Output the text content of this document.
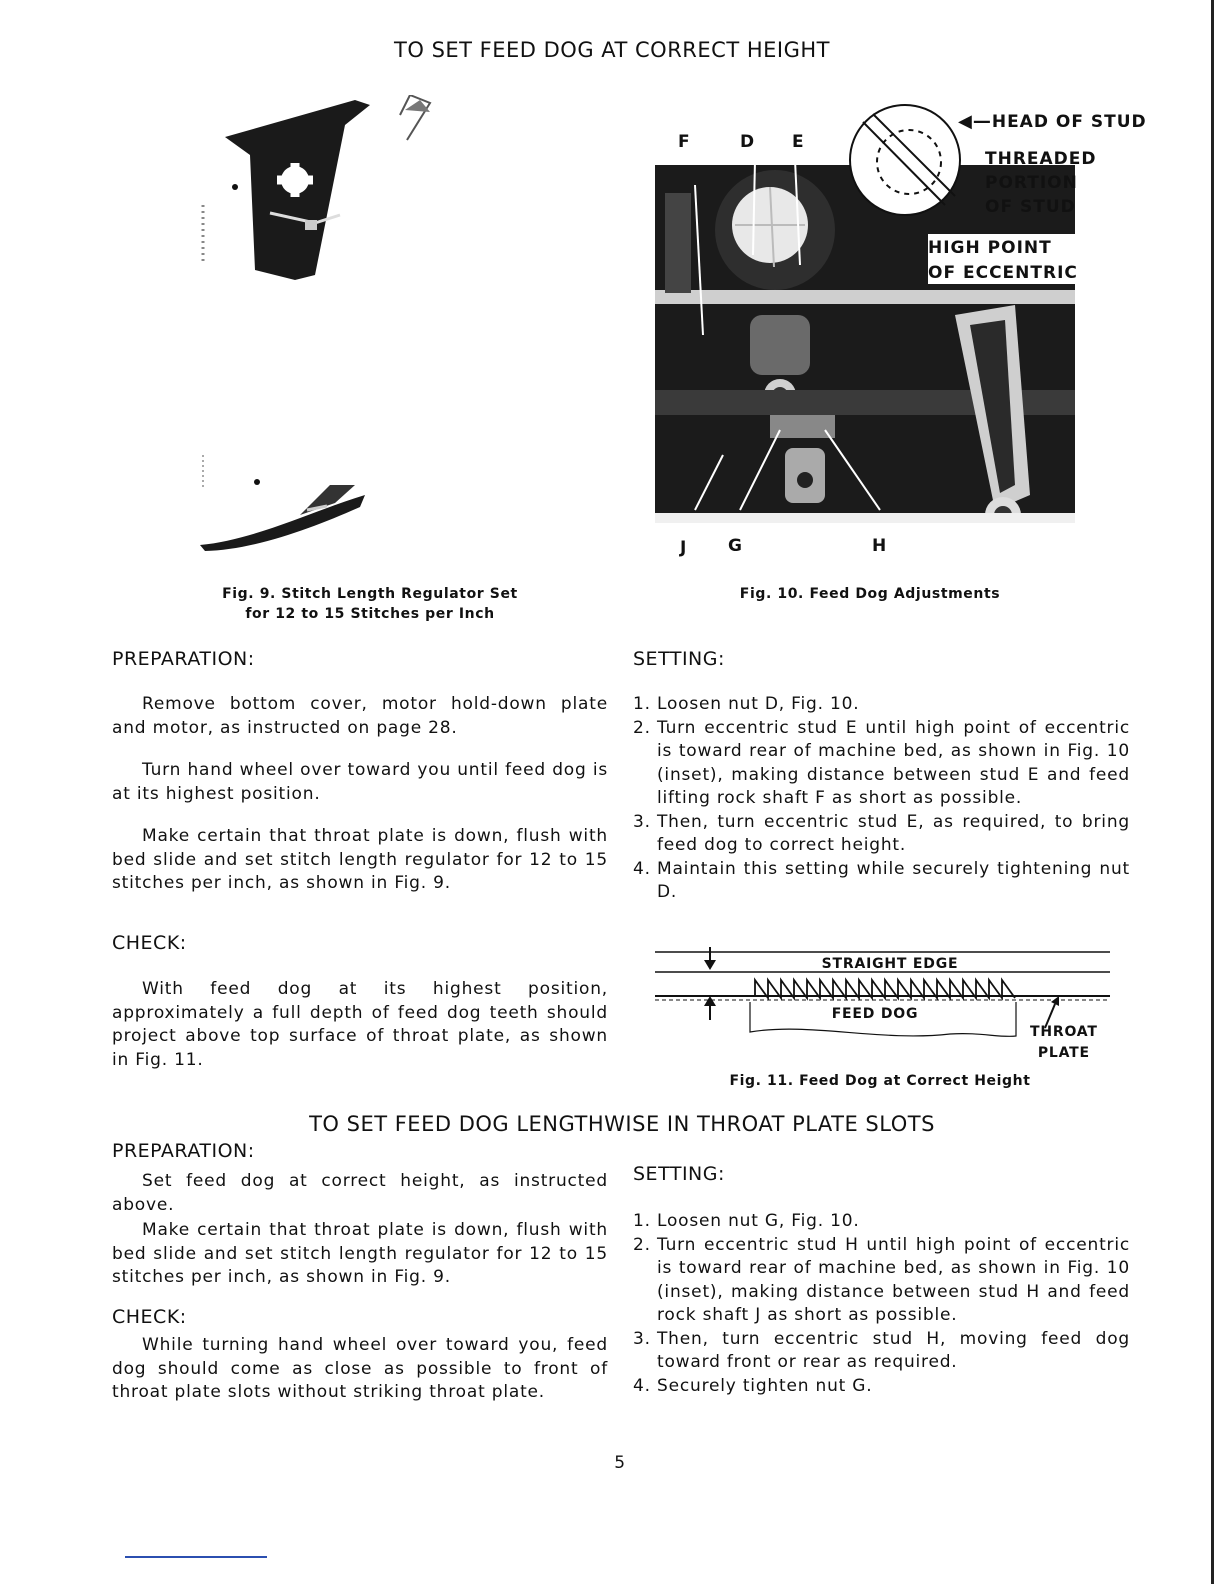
TO SET FEED DOG AT CORRECT HEIGHT
Fig. 9. Stitch Length Regulator Set
for 12 to 15 Stitches per Inch
F	D E
J G	H
◀—HEAD OF STUD
THREADED
PORTION
OF STUD
HIGH POINT
OF ECCENTRIC
Fig. 10. Feed Dog Adjustments
PREPARATION:

Remove bottom cover, motor hold-down plate and motor, as instructed on page 28.

Turn hand wheel over toward you until feed dog is at its highest position.

Make certain that throat plate is down, flush with bed slide and set stitch length regulator for 12 to 15 stitches per inch, as shown in Fig. 9.

CHECK:

With feed dog at its highest position, approximately a full depth of feed dog teeth should project above top surface of throat plate, as shown in Fig. 11.

SETTING:
1. Loosen nut D, Fig. 10.
2. Turn eccentric stud E until high point of eccentric is toward rear of machine bed, as shown in Fig. 10 (inset), making distance between stud E and feed lifting rock shaft F as short as possible.
3. Then, turn eccentric stud E, as required, to bring feed dog to correct height.
4. Maintain this setting while securely tightening nut D.
STRAIGHT EDGE
FEED DOG
THROAT
PLATE
Fig. 11. Feed Dog at Correct Height
TO SET FEED DOG LENGTHWISE IN THROAT PLATE SLOTS
PREPARATION:

Set feed dog at correct height, as instructed above.

Make certain that throat plate is down, flush with bed slide and set stitch length regulator for 12 to 15 stitches per inch, as shown in Fig. 9.

CHECK:

While turning hand wheel over toward you, feed dog should come as close as possible to front of throat plate slots without striking throat plate.

SETTING:
1. Loosen nut G, Fig. 10.
2. Turn eccentric stud H until high point of eccentric is toward rear of machine bed, as shown in Fig. 10 (inset), making distance between stud H and feed rock shaft J as short as possible.
3. Then, turn eccentric stud H, moving feed dog toward front or rear as required.
4. Securely tighten nut G.
5
